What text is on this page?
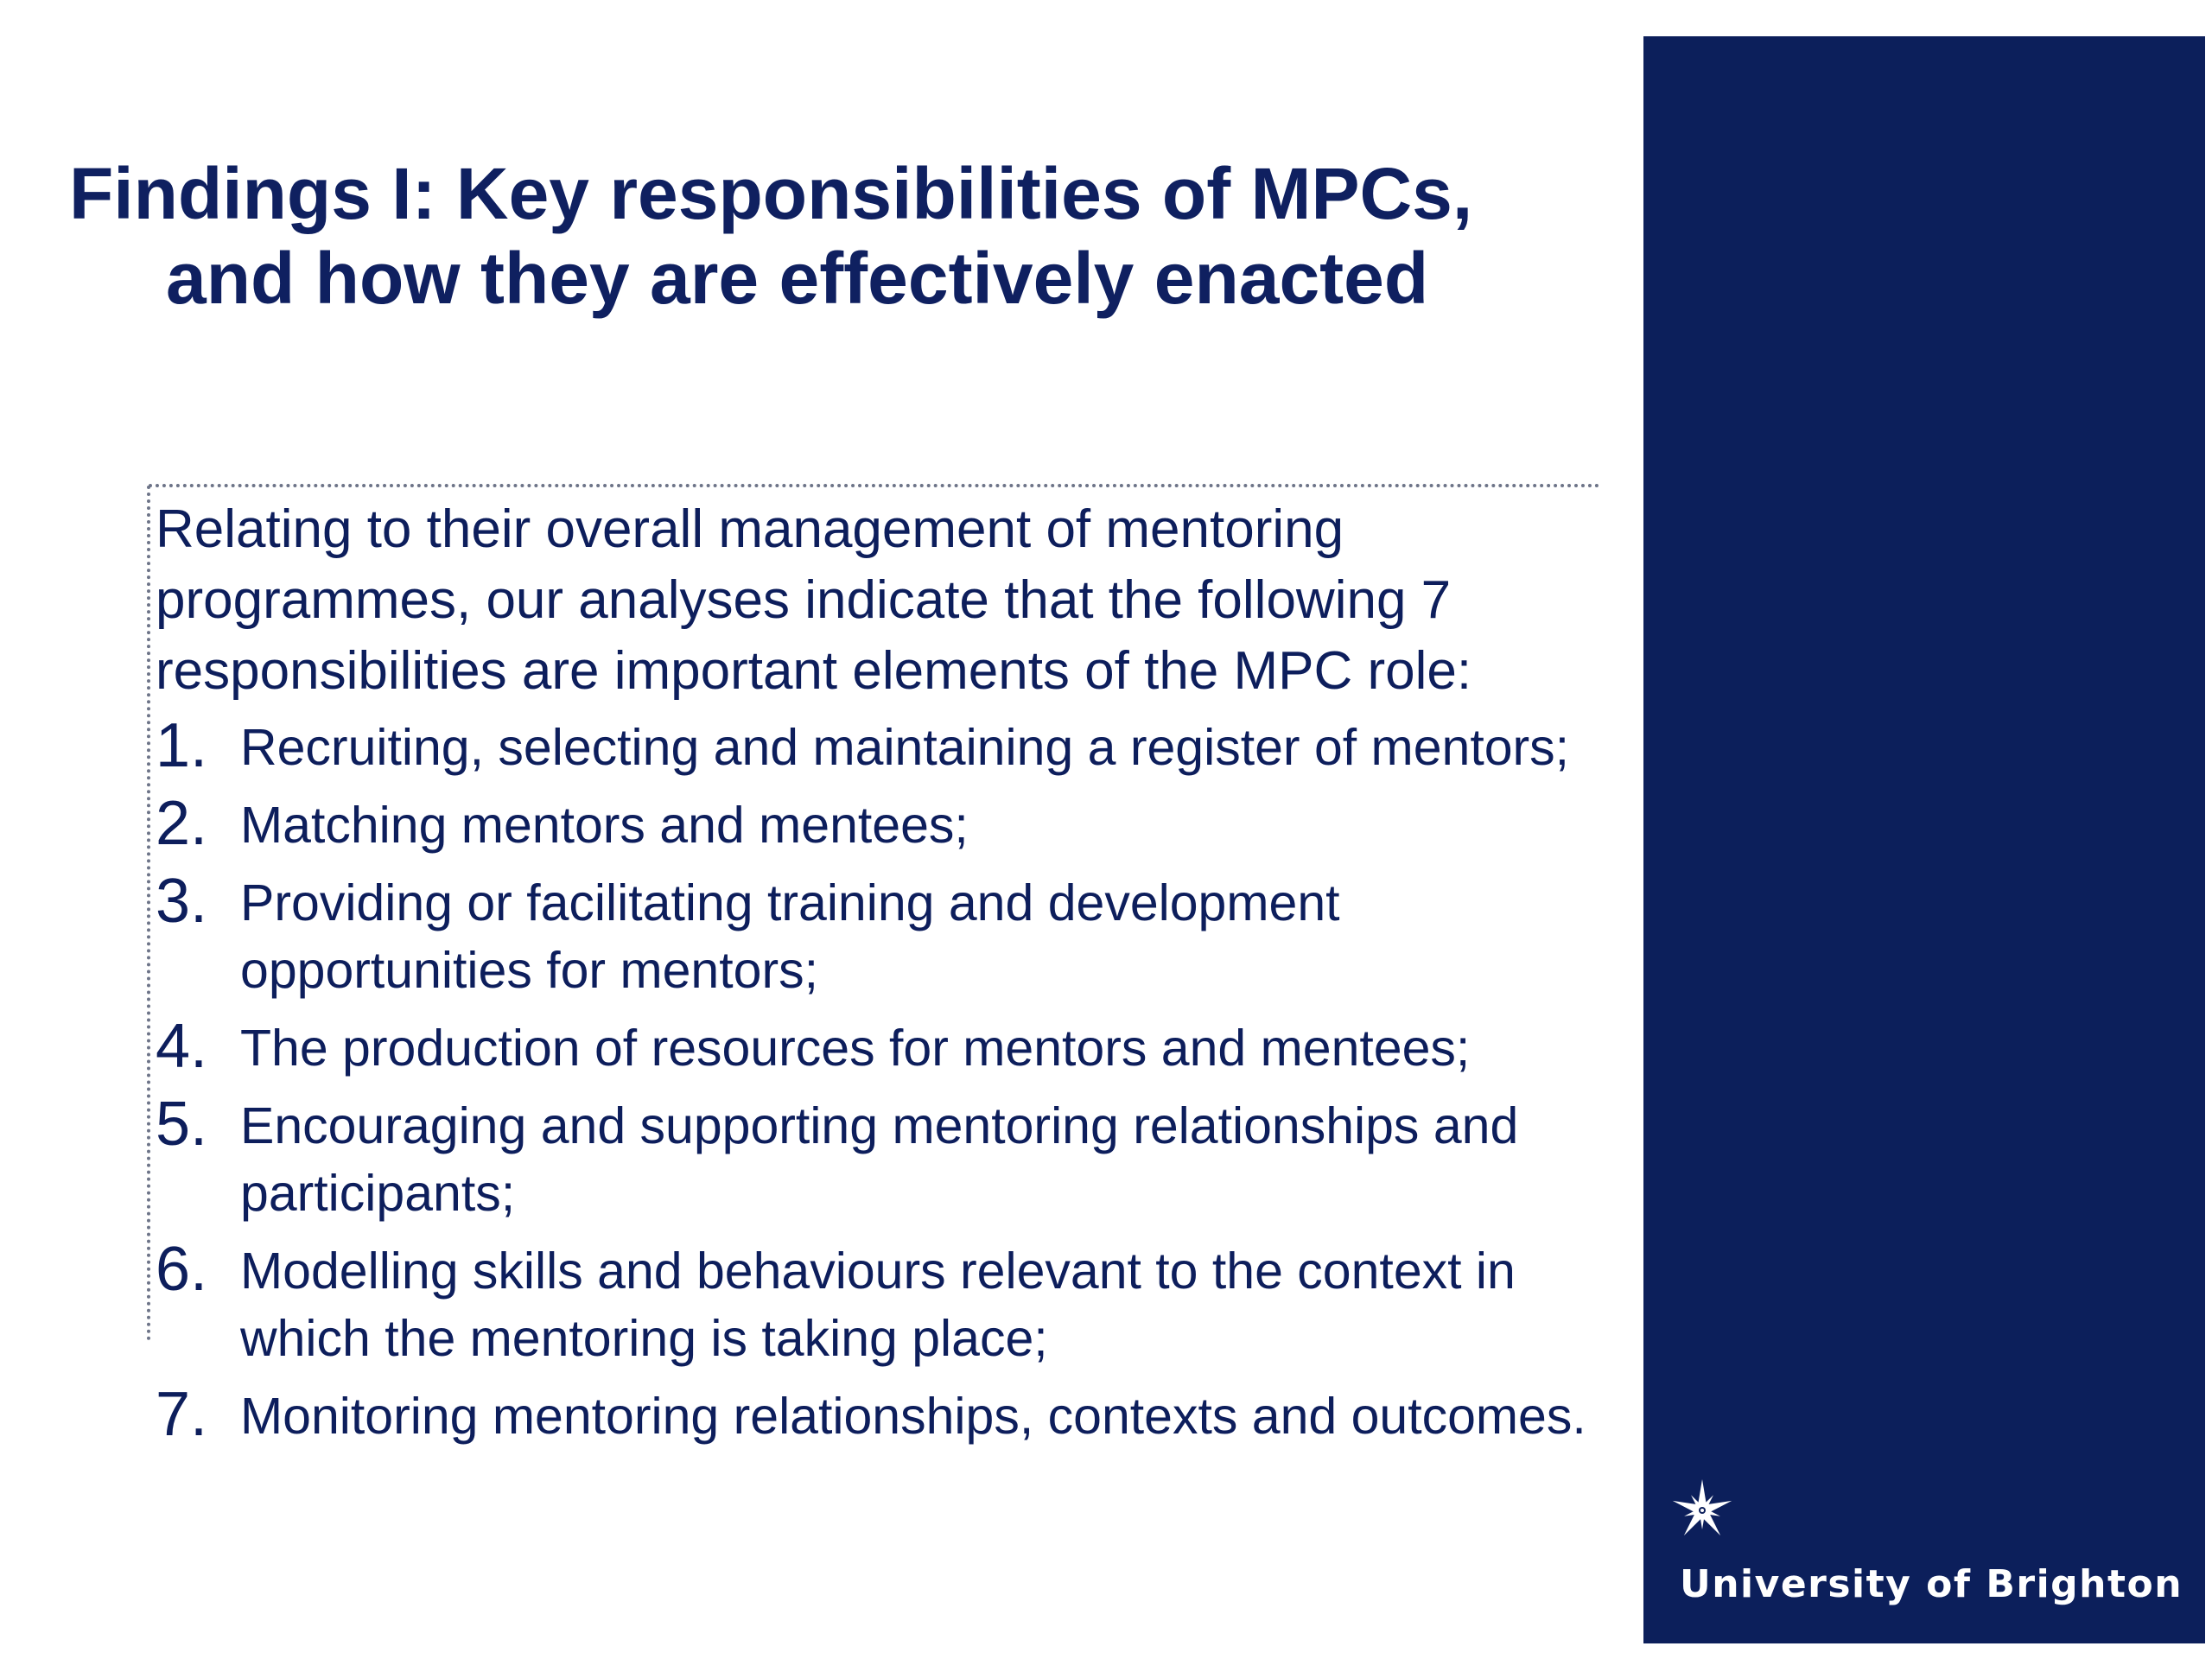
Findings I: Key responsibilities of MPCs,
and how they are effectively enacted

Relating to their overall management of mentoring programmes, our analyses indicate that the following 7 responsibilities are important elements of the MPC role:

1. Recruiting, selecting and maintaining a register of mentors;
2. Matching mentors and mentees;
3. Providing or facilitating training and development opportunities for mentors;
4. The production of resources for mentors and mentees;
5. Encouraging and supporting mentoring relationships and participants;
6. Modelling skills and behaviours relevant to the context in which the mentoring is taking place;
7. Monitoring mentoring relationships, contexts and outcomes.
University of Brighton
